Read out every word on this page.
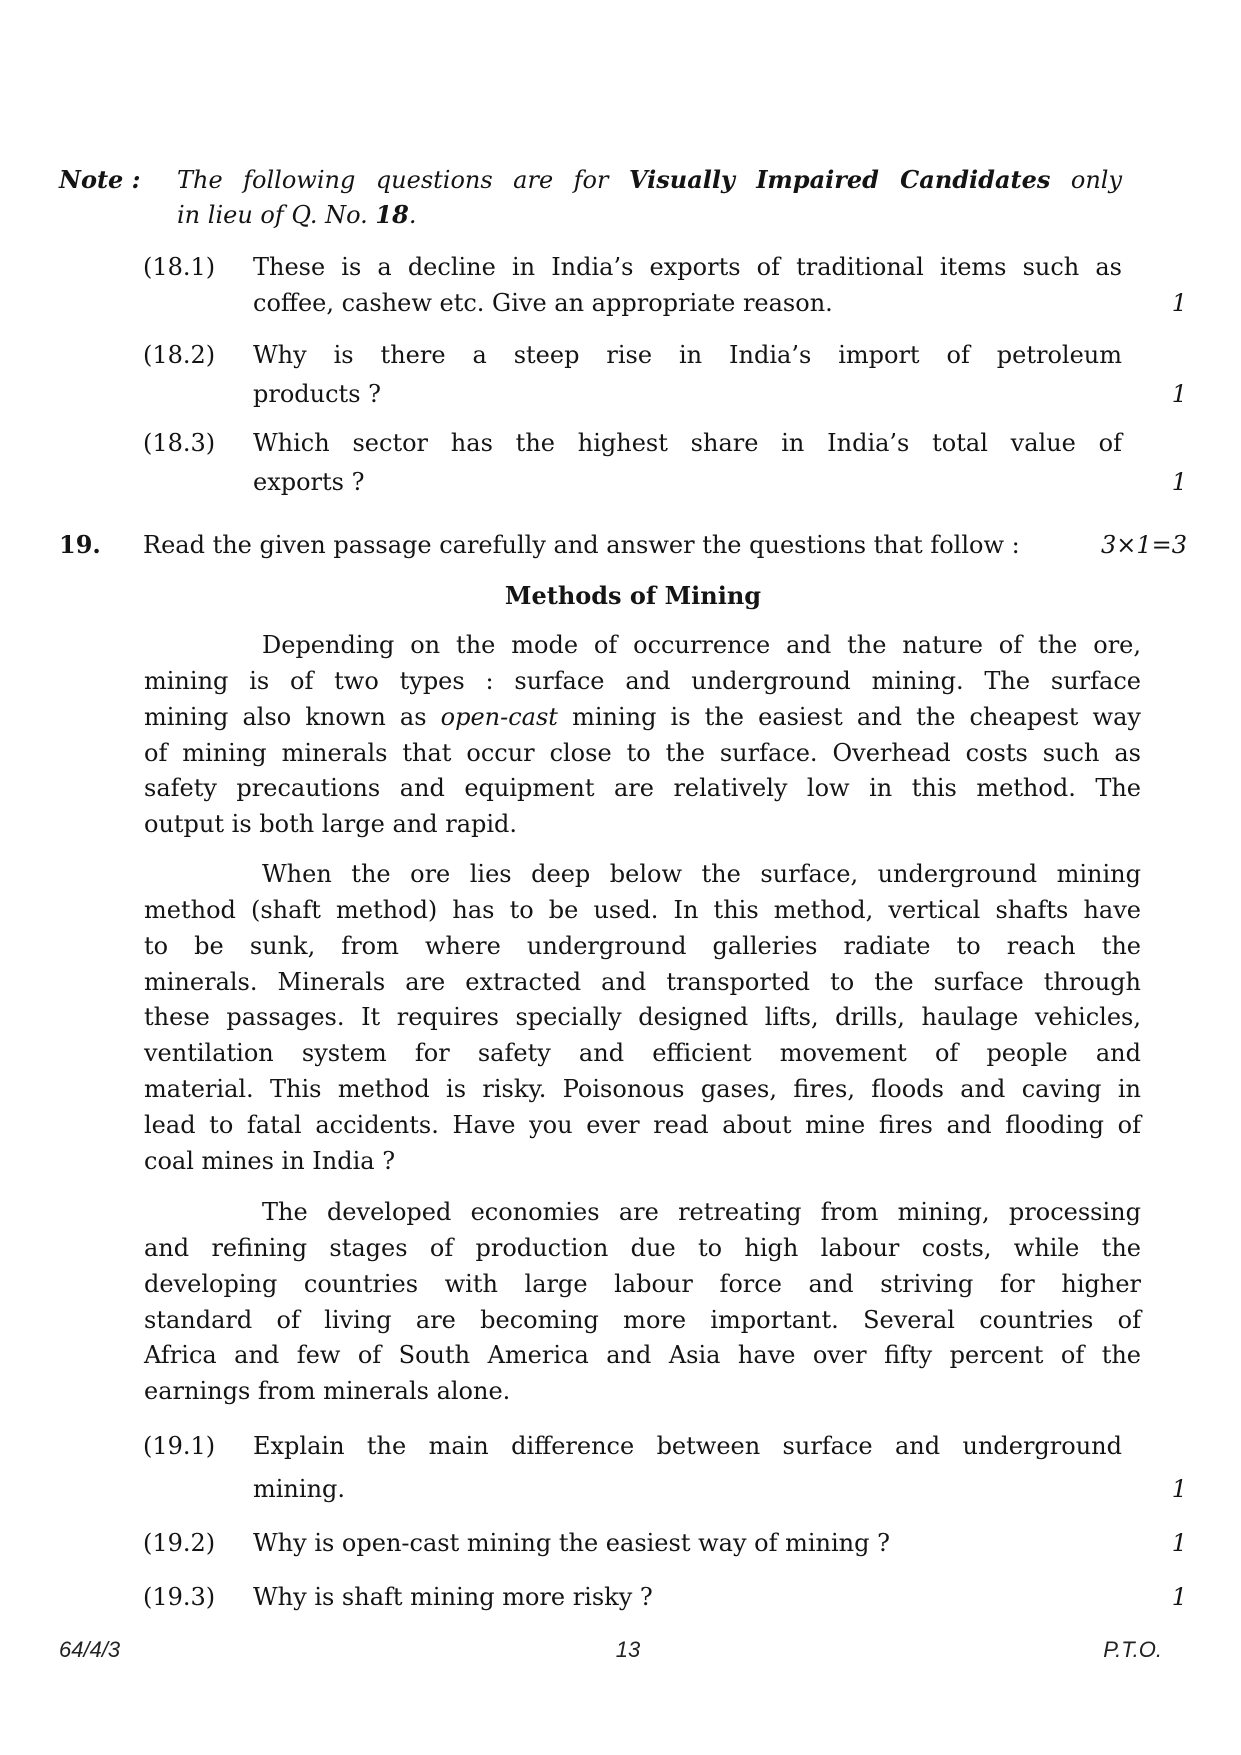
Note : The following questions are for Visually Impaired Candidates only
in lieu of Q. No. 18.
(18.1) These is a decline in India’s exports of traditional items such as
coffee, cashew etc. Give an appropriate reason.	1
(18.2) Why is there a steep rise in India’s import of petroleum
products ?	1
(18.3) Which sector has the highest share in India’s total value of
exports ?	1
19. Read the given passage carefully and answer the questions that follow :	3×1=3
Methods of Mining
Depending on the mode of occurrence and the nature of the ore,
mining is of two types : surface and underground mining. The surface
mining also known as open-cast mining is the easiest and the cheapest way
of mining minerals that occur close to the surface. Overhead costs such as
safety precautions and equipment are relatively low in this method. The
output is both large and rapid.
When the ore lies deep below the surface, underground mining
method (shaft method) has to be used. In this method, vertical shafts have
to be sunk, from where underground galleries radiate to reach the
minerals. Minerals are extracted and transported to the surface through
these passages. It requires specially designed lifts, drills, haulage vehicles,
ventilation system for safety and efficient movement of people and
material. This method is risky. Poisonous gases, fires, floods and caving in
lead to fatal accidents. Have you ever read about mine fires and flooding of
coal mines in India ?
The developed economies are retreating from mining, processing
and refining stages of production due to high labour costs, while the
developing countries with large labour force and striving for higher
standard of living are becoming more important. Several countries of
Africa and few of South America and Asia have over fifty percent of the
earnings from minerals alone.
(19.1) Explain the main difference between surface and underground
mining.	1
(19.2) Why is open-cast mining the easiest way of mining ?	1
(19.3) Why is shaft mining more risky ?	1
64/4/3	13	P.T.O.
